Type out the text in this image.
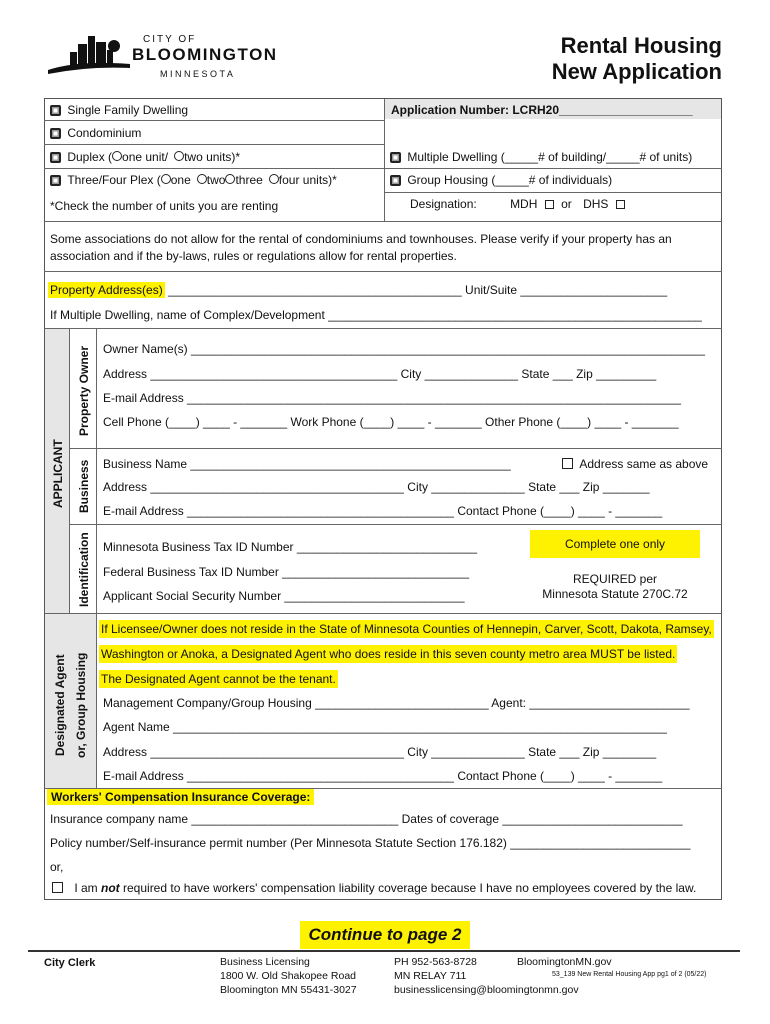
CITY OF
BLOOMINGTON
MINNESOTA
Rental Housing
New Application
Single Family Dwelling	Application Number: LCRH20____________________
Condominium
Duplex ( one unit/ two units)*	Multiple Dwelling (_____# of building/_____# of units)
Three/Four Plex ( one two three four units)*	Group Housing (_____# of individuals)
*Check the number of units you are renting	Designation:	MDH or DHS
Some associations do not allow for the rental of condominiums and townhouses. Please verify if your property has an
association and if the by-laws, rules or regulations allow for rental properties.
Property Address(es) ____________________________________________ Unit/Suite ______________________
If Multiple Dwelling, name of Complex/Development ________________________________________________________
APPLICANT
Property Owner
Business
Identification
Owner Name(s) _____________________________________________________________________________
Address _____________________________________ City ______________ State ___ Zip _________
E-mail Address __________________________________________________________________________
Cell Phone (____) ____ - _______ Work Phone (____) ____ - _______ Other Phone (____) ____ - _______
Business Name ________________________________________________	Address same as above
Address ______________________________________ City ______________ State ___ Zip _______
E-mail Address ________________________________________ Contact Phone (____) ____ - _______
Minnesota Business Tax ID Number ___________________________
Federal Business Tax ID Number ____________________________
Applicant Social Security Number ___________________________
Complete one only
REQUIRED per
Minnesota Statute 270C.72
Designated Agent or, Group Housing
If Licensee/Owner does not reside in the State of Minnesota Counties of Hennepin, Carver, Scott, Dakota, Ramsey,
Washington or Anoka, a Designated Agent who does reside in this seven county metro area MUST be listed.
The Designated Agent cannot be the tenant.
Management Company/Group Housing __________________________ Agent: ________________________
Agent Name __________________________________________________________________________
Address ______________________________________ City ______________ State ___ Zip ________
E-mail Address ________________________________________ Contact Phone (____) ____ - _______
Workers' Compensation Insurance Coverage:
Insurance company name _______________________________ Dates of coverage ___________________________
Policy number/Self-insurance permit number (Per Minnesota Statute Section 176.182) ___________________________
or,
I am not required to have workers' compensation liability coverage because I have no employees covered by the law.
Continue to page 2
City Clerk	Business Licensing
1800 W. Old Shakopee Road
Bloomington MN 55431-3027
PH 952-563-8728
MN RELAY 711
businesslicensing@bloomingtonmn.gov
BloomingtonMN.gov
53_139 New Rental Housing App pg1 of 2 (05/22)
